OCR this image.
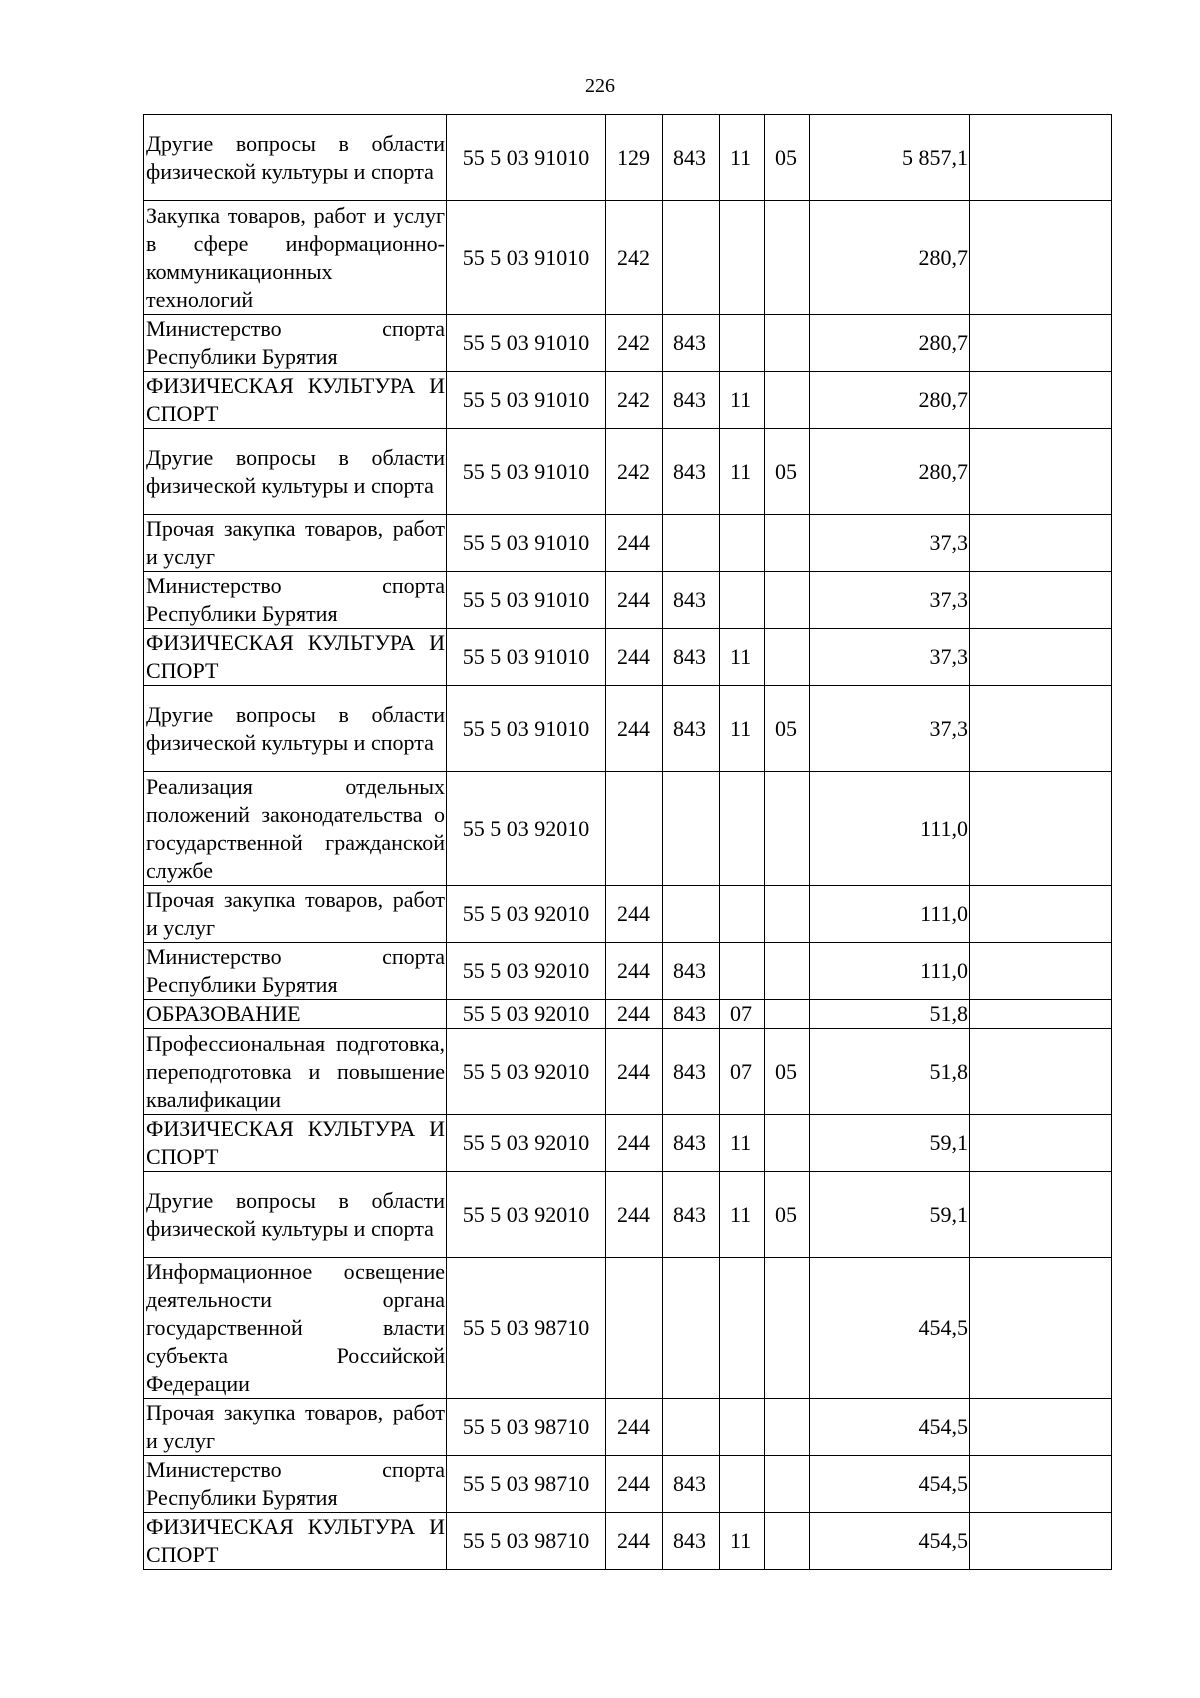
226
Другие вопросы в области физической культуры и спорта	55 5 03 91010	129	843	11	05	5 857,1	
Закупка товаров, работ и услуг в сфере информационно-коммуникационных технологий	55 5 03 91010	242				280,7	
Министерство спорта Республики Бурятия	55 5 03 91010	242	843			280,7	
ФИЗИЧЕСКАЯ КУЛЬТУРА И СПОРТ	55 5 03 91010	242	843	11		280,7	
Другие вопросы в области физической культуры и спорта	55 5 03 91010	242	843	11	05	280,7	
Прочая закупка товаров, работ и услуг	55 5 03 91010	244				37,3	
Министерство спорта Республики Бурятия	55 5 03 91010	244	843			37,3	
ФИЗИЧЕСКАЯ КУЛЬТУРА И СПОРТ	55 5 03 91010	244	843	11		37,3	
Другие вопросы в области физической культуры и спорта	55 5 03 91010	244	843	11	05	37,3	
Реализация отдельных положений законодательства о государственной гражданской службе	55 5 03 92010					111,0	
Прочая закупка товаров, работ и услуг	55 5 03 92010	244				111,0	
Министерство спорта Республики Бурятия	55 5 03 92010	244	843			111,0	
ОБРАЗОВАНИЕ	55 5 03 92010	244	843	07		51,8	
Профессиональная подготовка, переподготовка и повышение квалификации	55 5 03 92010	244	843	07	05	51,8	
ФИЗИЧЕСКАЯ КУЛЬТУРА И СПОРТ	55 5 03 92010	244	843	11		59,1	
Другие вопросы в области физической культуры и спорта	55 5 03 92010	244	843	11	05	59,1	
Информационное освещение деятельности органа государственной власти субъекта Российской Федерации	55 5 03 98710					454,5	
Прочая закупка товаров, работ и услуг	55 5 03 98710	244				454,5	
Министерство спорта Республики Бурятия	55 5 03 98710	244	843			454,5	
ФИЗИЧЕСКАЯ КУЛЬТУРА И СПОРТ	55 5 03 98710	244	843	11		454,5	
